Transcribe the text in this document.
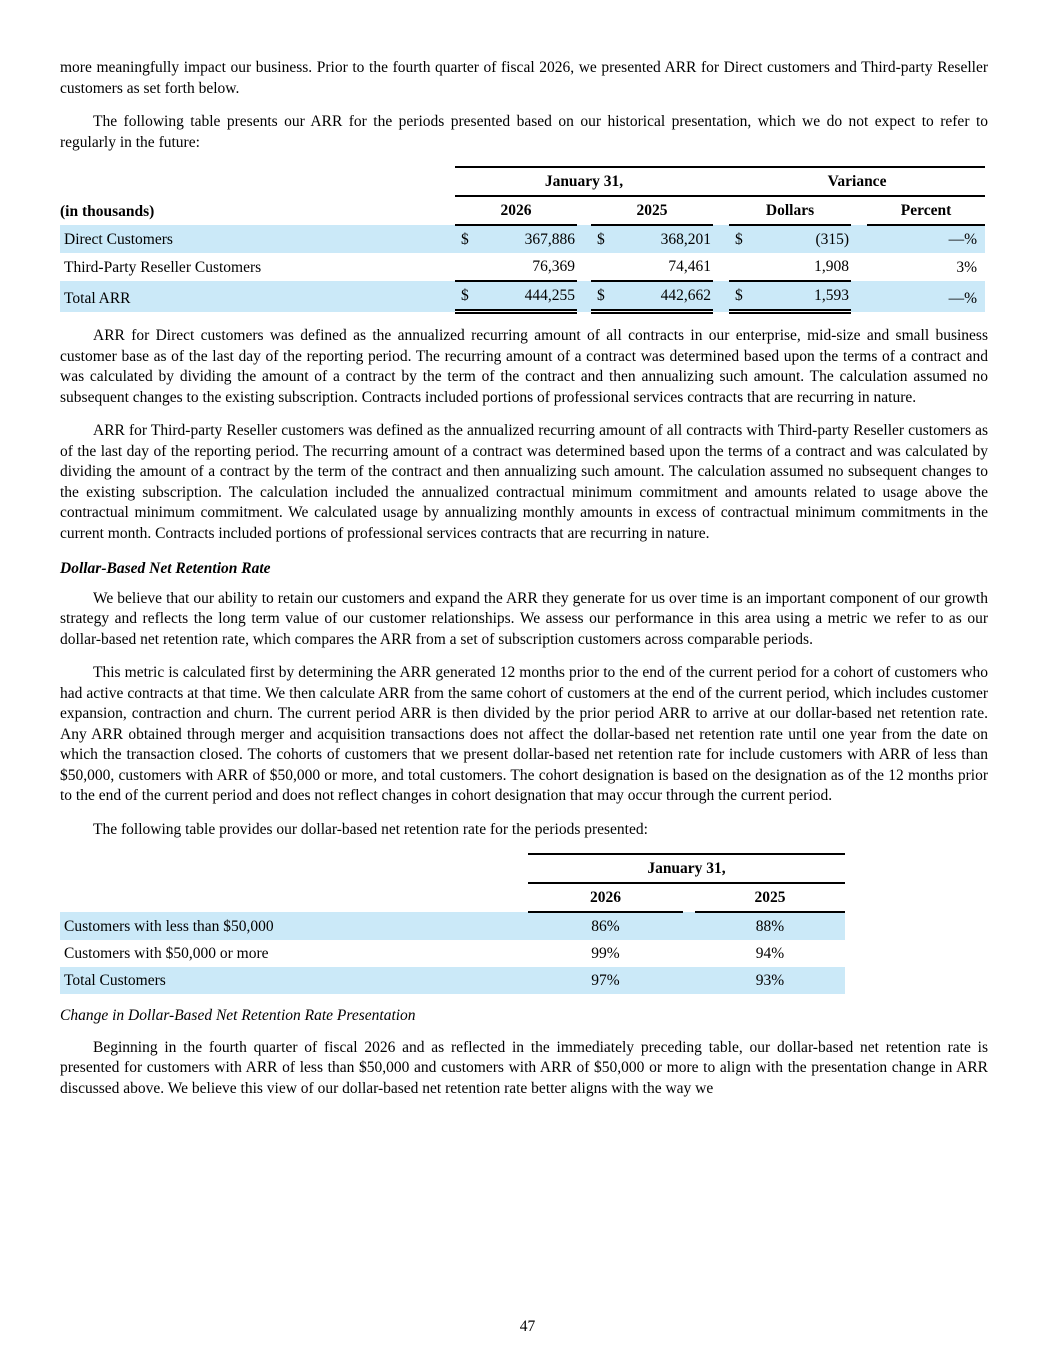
more meaningfully impact our business. Prior to the fourth quarter of fiscal 2026, we presented ARR for Direct customers and Third-party Reseller customers as set forth below.

The following table presents our ARR for the periods presented based on our historical presentation, which we do not expect to refer to regularly in the future:

	January 31,						Variance			
(in thousands)	2026			2025			Dollars			Percent
Direct Customers	$	367,886		$	368,201		$	(315)		—%
Third-Party Reseller Customers		76,369			74,461			1,908		3%
Total ARR	$	444,255		$	442,662		$	1,593		—%

ARR for Direct customers was defined as the annualized recurring amount of all contracts in our enterprise, mid-size and small business customer base as of the last day of the reporting period. The recurring amount of a contract was determined based upon the terms of a contract and was calculated by dividing the amount of a contract by the term of the contract and then annualizing such amount. The calculation assumed no subsequent changes to the existing subscription. Contracts included portions of professional services contracts that are recurring in nature.

ARR for Third-party Reseller customers was defined as the annualized recurring amount of all contracts with Third-party Reseller customers as of the last day of the reporting period. The recurring amount of a contract was determined based upon the terms of a contract and was calculated by dividing the amount of a contract by the term of the contract and then annualizing such amount. The calculation assumed no subsequent changes to the existing subscription. The calculation included the annualized contractual minimum commitment and amounts related to usage above the contractual minimum commitment. We calculated usage by annualizing monthly amounts in excess of contractual minimum commitments in the current month. Contracts included portions of professional services contracts that are recurring in nature.

Dollar-Based Net Retention Rate

We believe that our ability to retain our customers and expand the ARR they generate for us over time is an important component of our growth strategy and reflects the long term value of our customer relationships. We assess our performance in this area using a metric we refer to as our dollar-based net retention rate, which compares the ARR from a set of subscription customers across comparable periods.

This metric is calculated first by determining the ARR generated 12 months prior to the end of the current period for a cohort of customers who had active contracts at that time. We then calculate ARR from the same cohort of customers at the end of the current period, which includes customer expansion, contraction and churn. The current period ARR is then divided by the prior period ARR to arrive at our dollar-based net retention rate. Any ARR obtained through merger and acquisition transactions does not affect the dollar-based net retention rate until one year from the date on which the transaction closed. The cohorts of customers that we present dollar-based net retention rate for include customers with ARR of less than $50,000, customers with ARR of $50,000 or more, and total customers. The cohort designation is based on the designation as of the 12 months prior to the end of the current period and does not reflect changes in cohort designation that may occur through the current period.

The following table provides our dollar-based net retention rate for the periods presented:

	January 31,		
	2026		2025
Customers with less than $50,000	86%		88%
Customers with $50,000 or more	99%		94%
Total Customers	97%		93%
Change in Dollar-Based Net Retention Rate Presentation

Beginning in the fourth quarter of fiscal 2026 and as reflected in the immediately preceding table, our dollar-based net retention rate is presented for customers with ARR of less than $50,000 and customers with ARR of $50,000 or more to align with the presentation change in ARR discussed above. We believe this view of our dollar-based net retention rate better aligns with the way we

47
